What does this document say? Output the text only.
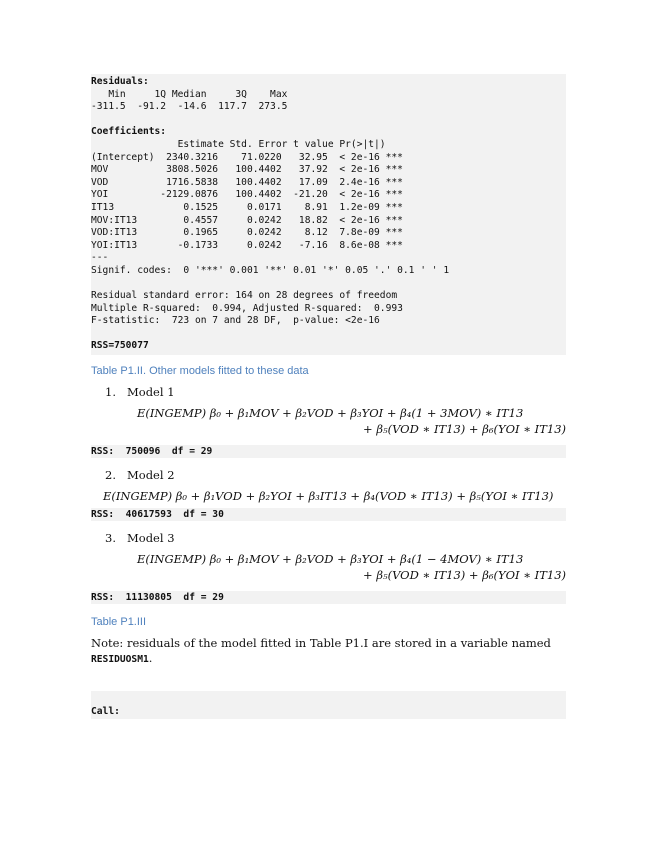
Residuals:
Min     1Q Median     3Q    Max
-311.5  -91.2  -14.6  117.7  273.5

Coefficients:
Estimate Std. Error t value Pr(>|t|)
(Intercept)  2340.3216    71.0220   32.95  < 2e-16 ***
MOV          3808.5026   100.4402   37.92  < 2e-16 ***
VOD          1716.5838   100.4402   17.09  2.4e-16 ***
YOI         -2129.0876   100.4402  -21.20  < 2e-16 ***
IT13            0.1525     0.0171    8.91  1.2e-09 ***
MOV:IT13        0.4557     0.0242   18.82  < 2e-16 ***
VOD:IT13        0.1965     0.0242    8.12  7.8e-09 ***
YOI:IT13       -0.1733     0.0242   -7.16  8.6e-08 ***
---
Signif. codes:  0 '***' 0.001 '**' 0.01 '*' 0.05 '.' 0.1 ' ' 1

Residual standard error: 164 on 28 degrees of freedom
Multiple R-squared:  0.994, Adjusted R-squared:  0.993
F-statistic:  723 on 7 and 28 DF,  p-value: <2e-16

RSS=750077
Table P1.II. Other models fitted to these data
1. Model 1
E(INGEMP) β₀ + β₁MOV + β₂VOD + β₃YOI + β₄(1 + 3MOV) ∗ IT13
+ β₅(VOD ∗ IT13) + β₆(YOI ∗ IT13)
RSS:  750096  df = 29
2. Model 2
E(INGEMP) β₀ + β₁VOD + β₂YOI + β₃IT13 + β₄(VOD ∗ IT13) + β₅(YOI ∗ IT13)
RSS:  40617593  df = 30
3. Model 3
E(INGEMP) β₀ + β₁MOV + β₂VOD + β₃YOI + β₄(1 − 4MOV) ∗ IT13
+ β₅(VOD ∗ IT13) + β₆(YOI ∗ IT13)
RSS:  11130805  df = 29
Table P1.III
Note: residuals of the model fitted in Table P1.I are stored in a variable named
RESIDUOSM1.
Call:
